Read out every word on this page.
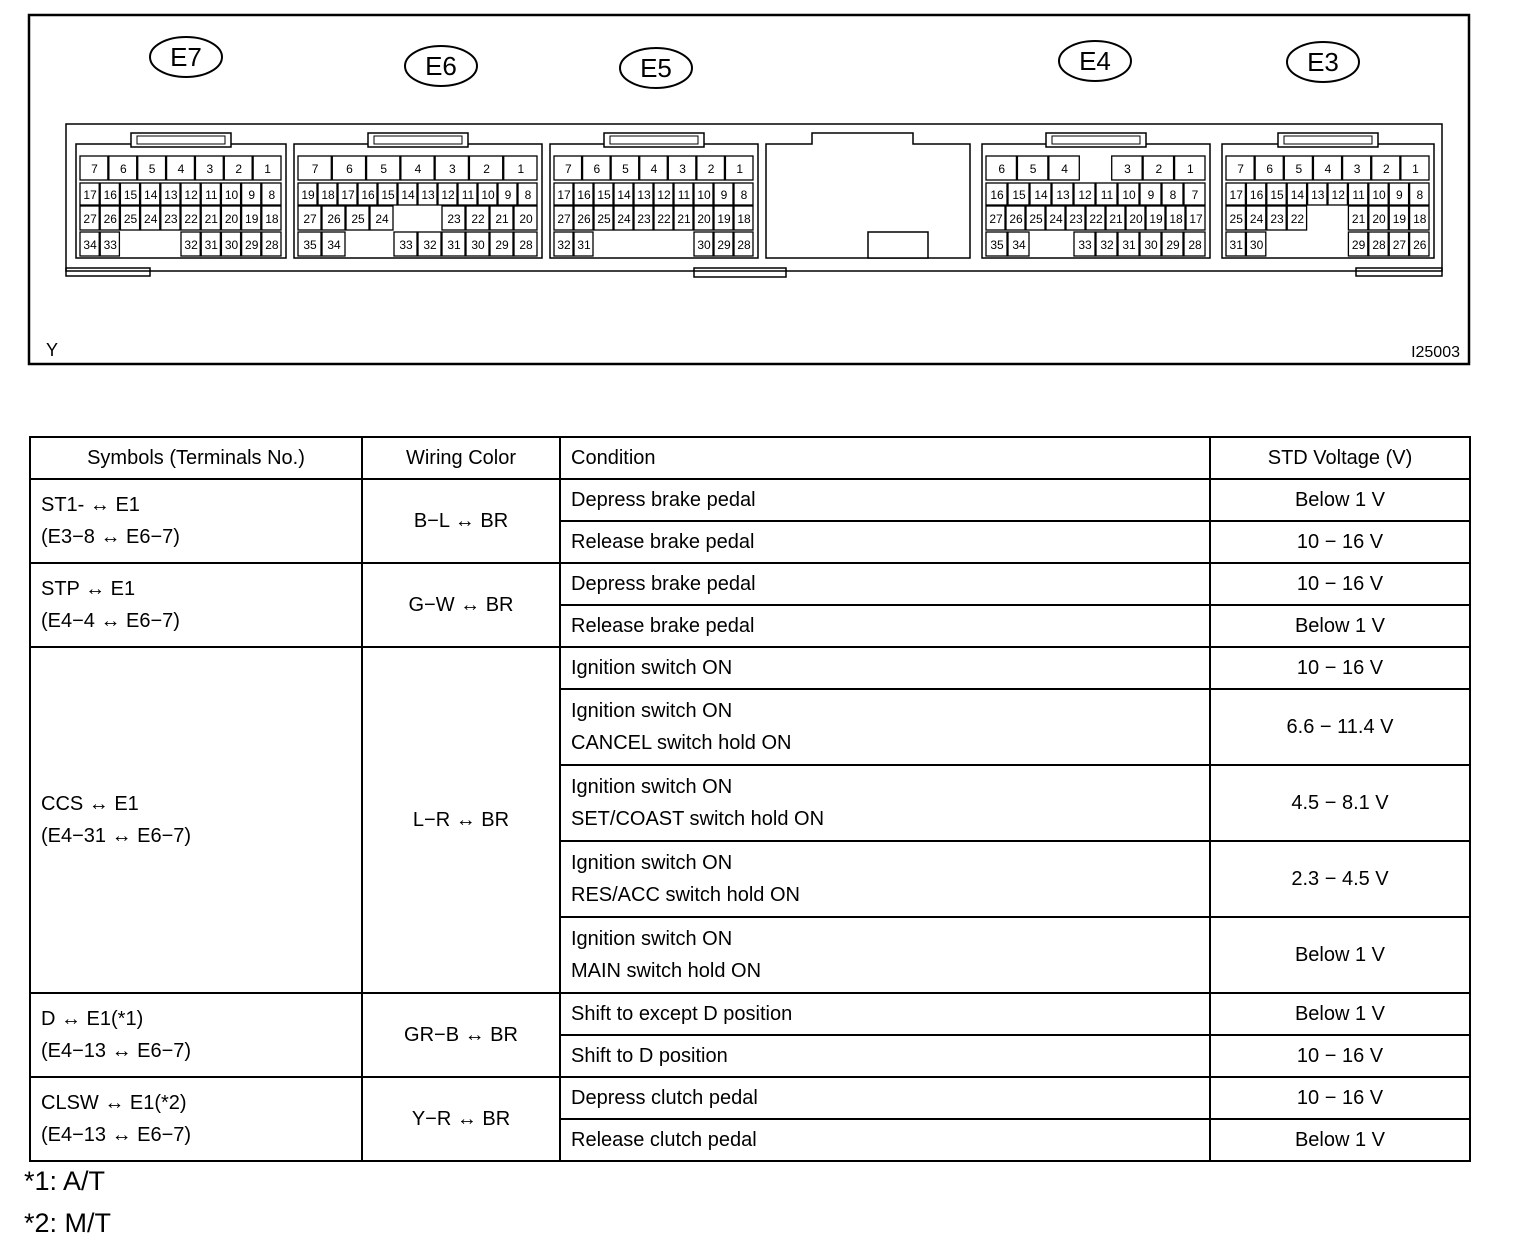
E7
7 6 5 4 3 2 1
17 16 15 14 13 12 11 10 9 8
27 26 25 24 23 22 21 20 19 18
34 33	32 31 30 29 28
E6
7 6 5 4 3 2 1
19 18 17 16 15 14 13 12 11 10 9 8
27 26 25 24	23 22 21 20
35 34	33 32 31 30 29 28
E5
7 6 5 4 3 2 1
17 16 15 14 13 12 11 10 9 8
27 26 25 24 23 22 21 20 19 18
32 31	30 29 28
E4
6 5 4	3 2 1
16 15 14 13 12 11 10 9 8 7
27 26 25 24 23 22 21 20 19 18 17
35 34	33 32 31 30 29 28
E3
7 6 5 4 3 2 1
17 16 15 14 13 12 11 10 9 8
25 24 23 22	21 20 19 18
31 30	29 28 27 26
Y	I25003
Symbols (Terminals No.)	Wiring Color	Condition	STD Voltage (V)

ST1- ↔ E1
(E3−8 ↔ E6−7)	B−L ↔ BR	Depress brake pedal	Below 1 V

		Release brake pedal	10 − 16 V

STP ↔ E1
(E4−4 ↔ E6−7)	G−W ↔ BR	Depress brake pedal	10 − 16 V

		Release brake pedal	Below 1 V

CCS ↔ E1
(E4−31 ↔ E6−7)	L−R ↔ BR	Ignition switch ON	10 − 16 V

		Ignition switch ON
CANCEL switch hold ON	6.6 − 11.4 V

		Ignition switch ON
SET/COAST switch hold ON	4.5 − 8.1 V

		Ignition switch ON
RES/ACC switch hold ON	2.3 − 4.5 V

		Ignition switch ON
MAIN switch hold ON	Below 1 V

D ↔ E1(*1)
(E4−13 ↔ E6−7)	GR−B ↔ BR	Shift to except D position	Below 1 V

		Shift to D position	10 − 16 V

CLSW ↔ E1(*2)
(E4−13 ↔ E6−7)	Y−R ↔ BR	Depress clutch pedal	10 − 16 V

		Release clutch pedal	Below 1 V
*1: A/T
*2: M/T
